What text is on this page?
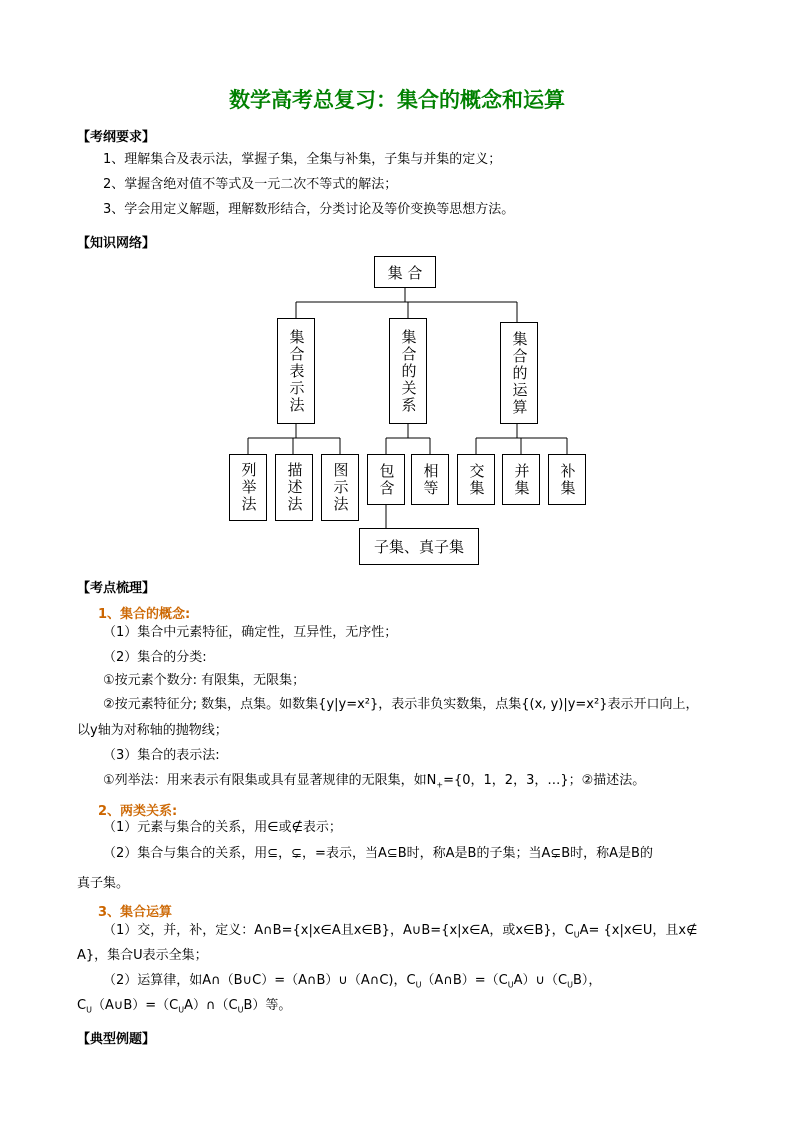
数学高考总复习：集合的概念和运算
【考纲要求】
1、理解集合及表示法，掌握子集，全集与补集，子集与并集的定义；
2、掌握含绝对值不等式及一元二次不等式的解法；
3、学会用定义解题，理解数形结合，分类讨论及等价变换等思想方法。
【知识网络】
集 合
集合表示法	集合的关系	集合的运算
列举法	描述法	图示法	包含	相等	交集	并集	补集
子集、真子集
【考点梳理】
1、集合的概念:
（1）集合中元素特征，确定性，互异性，无序性；
（2）集合的分类:
①按元素个数分: 有限集，无限集；
②按元素特征分; 数集，点集。如数集{y|y=x²}，表示非负实数集，点集{(x, y)|y=x²}表示开口向上，
以y轴为对称轴的抛物线；
（3）集合的表示法:
①列举法：用来表示有限集或具有显著规律的无限集，如$N_+=\{0$，1，2，3，…}；②描述法。
2、两类关系:
（1）元素与集合的关系，用∈或∉表示；
（2）集合与集合的关系，用⊆，⊊，=表示，当A⊆B时，称A是B的子集；当A⊊B时，称A是B的
真子集。
3、集合运算
（1）交，并，补，定义：A∩B={x|x∈A且x∈B}，A∪B={x|x∈A，或x∈B}，$C_UA=$ {x|x∈U，且x∉
A}，集合U表示全集；
（2）运算律，如A∩（B∪C）=（A∩B）∪（A∩C)，$C_U(A\cap B)=(C_UA)\cup(C_UB)$，
$C_U(A\cup B)=(C_UA)\cap(C_UB)$等。
【典型例题】
